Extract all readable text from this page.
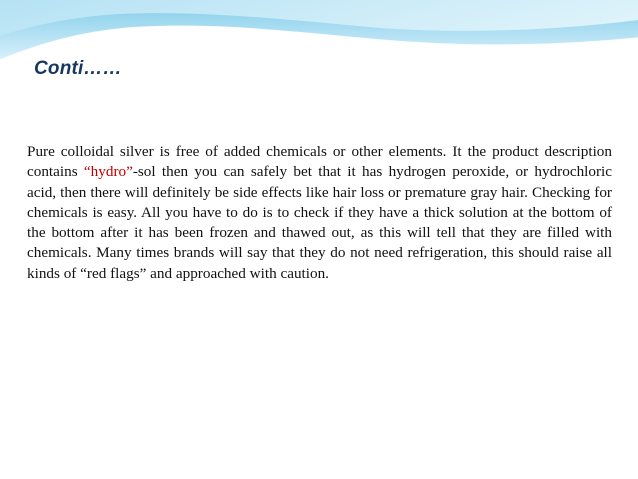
Conti……

Pure colloidal silver is free of added chemicals or other elements. It the product description contains “hydro”-sol then you can safely bet that it has hydrogen peroxide, or hydrochloric acid, then there will definitely be side effects like hair loss or premature gray hair. Checking for chemicals is easy. All you have to do is to check if they have a thick solution at the bottom of the bottom after it has been frozen and thawed out, as this will tell that they are filled with chemicals. Many times brands will say that they do not need refrigeration, this should raise all kinds of “red flags” and approached with caution.
